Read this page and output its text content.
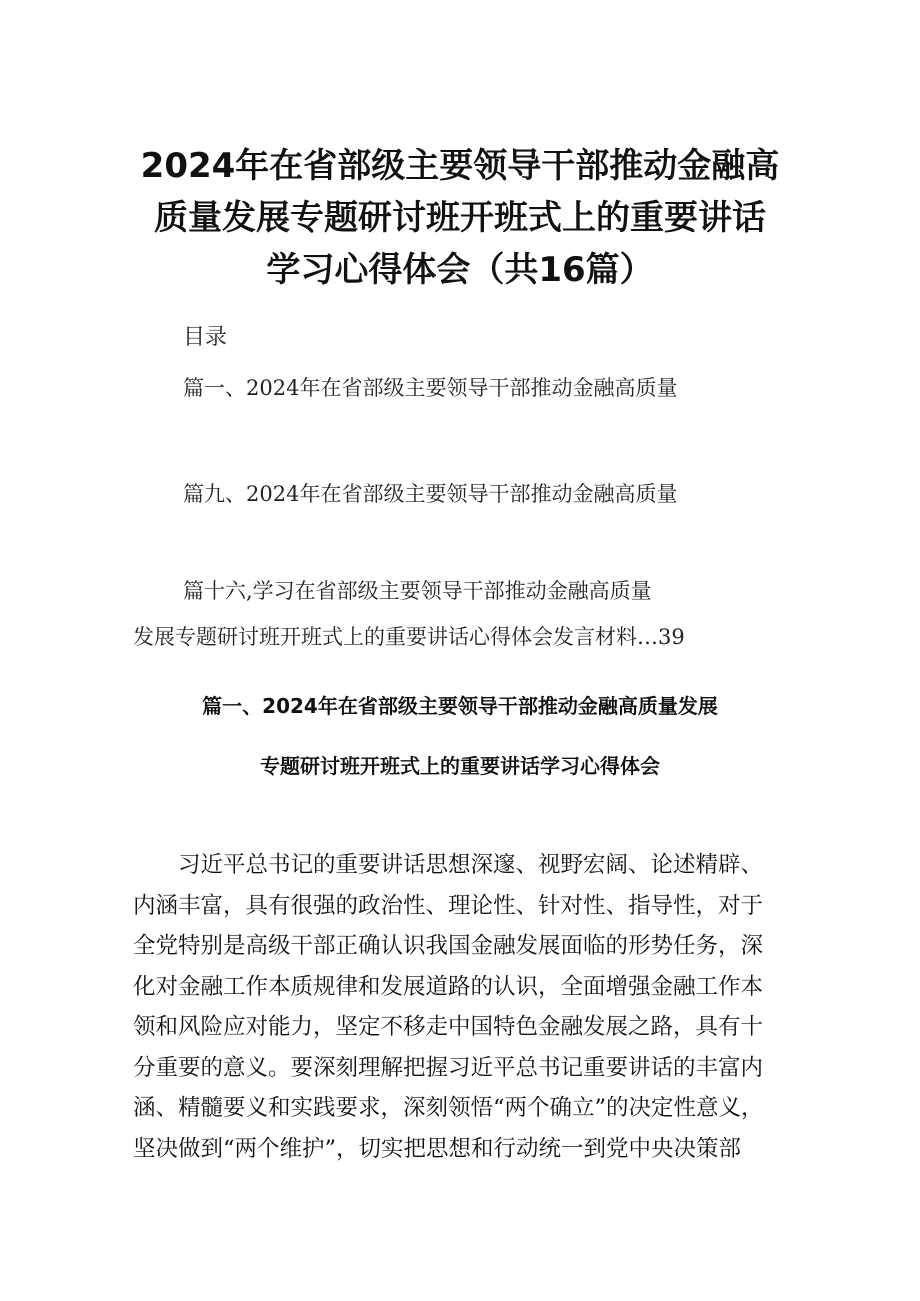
2024年在省部级主要领导干部推动金融高
质量发展专题研讨班开班式上的重要讲话
学习心得体会（共16篇）
目录
篇一、2024年在省部级主要领导干部推动金融高质量
篇九、2024年在省部级主要领导干部推动金融高质量
篇十六,学习在省部级主要领导干部推动金融高质量
发展专题研讨班开班式上的重要讲话心得体会发言材料…39
篇一、2024年在省部级主要领导干部推动金融高质量发展
专题研讨班开班式上的重要讲话学习心得体会
　　习近平总书记的重要讲话思想深邃、视野宏阔、论述精辟、
内涵丰富，具有很强的政治性、理论性、针对性、指导性，对于
全党特别是高级干部正确认识我国金融发展面临的形势任务，深
化对金融工作本质规律和发展道路的认识，全面增强金融工作本
领和风险应对能力，坚定不移走中国特色金融发展之路，具有十
分重要的意义。要深刻理解把握习近平总书记重要讲话的丰富内
涵、精髓要义和实践要求，深刻领悟“两个确立”的决定性意义，
坚决做到“两个维护”，切实把思想和行动统一到党中央决策部
